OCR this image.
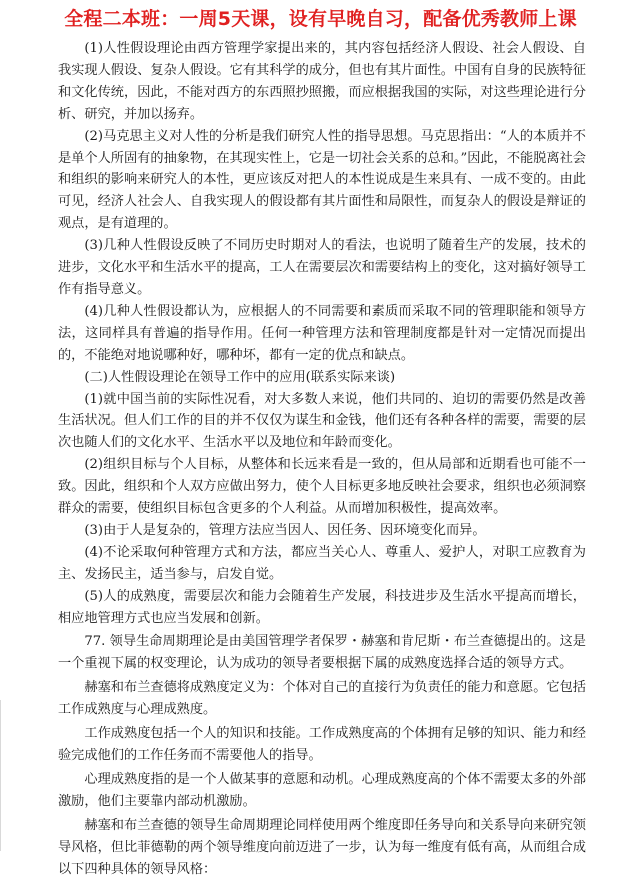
全程二本班：一周5天课，设有早晚自习，配备优秀教师上课

(1)人性假设理论由西方管理学家提出来的，其内容包括经济人假设、社会人假设、自我实现人假设、复杂人假设。它有其科学的成分，但也有其片面性。中国有自身的民族特征和文化传统，因此，不能对西方的东西照抄照搬，而应根据我国的实际，对这些理论进行分析、研究，并加以扬弃。

(2)马克思主义对人性的分析是我们研究人性的指导思想。马克思指出：“人的本质并不是单个人所固有的抽象物，在其现实性上，它是一切社会关系的总和。”因此，不能脱离社会和组织的影响来研究人的本性，更应该反对把人的本性说成是生来具有、一成不变的。由此可见，经济人社会人、自我实现人的假设都有其片面性和局限性，而复杂人的假设是辩证的观点，是有道理的。

(3)几种人性假设反映了不同历史时期对人的看法，也说明了随着生产的发展，技术的进步，文化水平和生活水平的提高，工人在需要层次和需要结构上的变化，这对搞好领导工作有指导意义。

(4)几种人性假设都认为，应根据人的不同需要和素质而采取不同的管理职能和领导方法，这同样具有普遍的指导作用。任何一种管理方法和管理制度都是针对一定情况而提出的，不能绝对地说哪种好，哪种坏，都有一定的优点和缺点。

(二)人性假设理论在领导工作中的应用(联系实际来谈)

(1)就中国当前的实际性况看，对大多数人来说，他们共同的、迫切的需要仍然是改善生活状况。但人们工作的目的并不仅仅为谋生和金钱，他们还有各种各样的需要，需要的层次也随人们的文化水平、生活水平以及地位和年龄而变化。

(2)组织目标与个人目标，从整体和长远来看是一致的，但从局部和近期看也可能不一致。因此，组织和个人双方应做出努力，使个人目标更多地反映社会要求，组织也必须洞察群众的需要，使组织目标包含更多的个人利益。从而增加积极性，提高效率。

(3)由于人是复杂的，管理方法应当因人、因任务、因环境变化而异。

(4)不论采取何种管理方式和方法，都应当关心人、尊重人、爱护人，对职工应教育为主、发扬民主，适当参与，启发自觉。

(5)人的成熟度，需要层次和能力会随着生产发展，科技进步及生活水平提高而增长，相应地管理方式也应当发展和创新。

77. 领导生命周期理论是由美国管理学者保罗・赫塞和肯尼斯・布兰查德提出的。这是一个重视下属的权变理论，认为成功的领导者要根据下属的成熟度选择合适的领导方式。

赫塞和布兰查德将成熟度定义为：个体对自己的直接行为负责任的能力和意愿。它包括工作成熟度与心理成熟度。

工作成熟度包括一个人的知识和技能。工作成熟度高的个体拥有足够的知识、能力和经验完成他们的工作任务而不需要他人的指导。

心理成熟度指的是一个人做某事的意愿和动机。心理成熟度高的个体不需要太多的外部激励，他们主要靠内部动机激励。

赫塞和布兰查德的领导生命周期理论同样使用两个维度即任务导向和关系导向来研究领导风格，但比菲德勒的两个领导维度向前迈进了一步，认为每一维度有低有高，从而组合成以下四种具体的领导风格：
